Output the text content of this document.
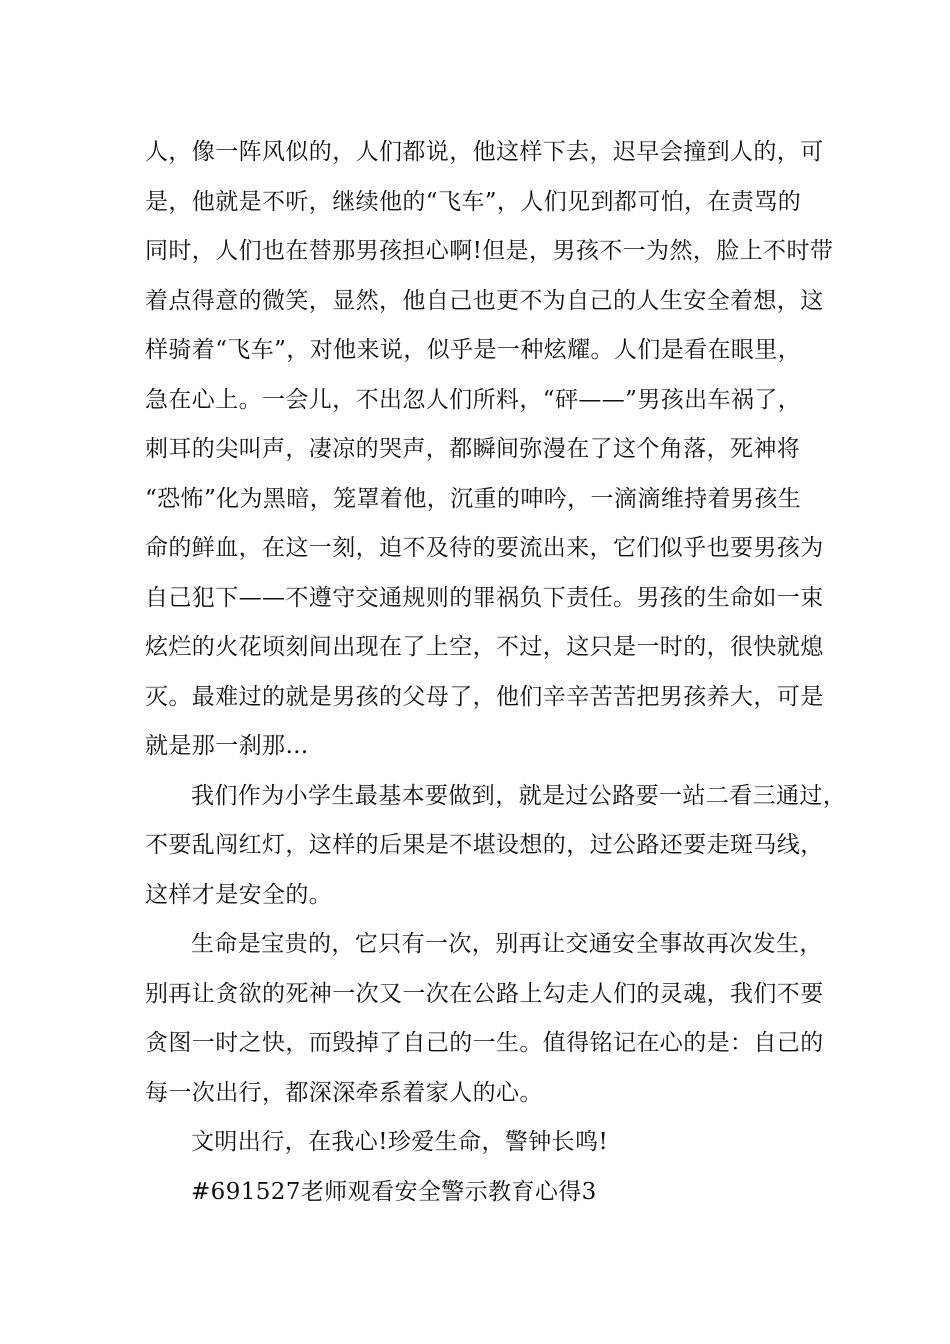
人，像一阵风似的，人们都说，他这样下去，迟早会撞到人的，可
是，他就是不听，继续他的“飞车”，人们见到都可怕，在责骂的
同时，人们也在替那男孩担心啊!但是，男孩不一为然，脸上不时带
着点得意的微笑，显然，他自己也更不为自己的人生安全着想，这
样骑着“飞车”，对他来说，似乎是一种炫耀。人们是看在眼里，
急在心上。一会儿，不出忽人们所料，“砰——”男孩出车祸了，
刺耳的尖叫声，凄凉的哭声，都瞬间弥漫在了这个角落，死神将
“恐怖”化为黑暗，笼罩着他，沉重的呻吟，一滴滴维持着男孩生
命的鲜血，在这一刻，迫不及待的要流出来，它们似乎也要男孩为
自己犯下——不遵守交通规则的罪祸负下责任。男孩的生命如一束
炫烂的火花顷刻间出现在了上空，不过，这只是一时的，很快就熄
灭。最难过的就是男孩的父母了，他们辛辛苦苦把男孩养大，可是
就是那一刹那…
我们作为小学生最基本要做到，就是过公路要一站二看三通过，
不要乱闯红灯，这样的后果是不堪设想的，过公路还要走斑马线，
这样才是安全的。
生命是宝贵的，它只有一次，别再让交通安全事故再次发生，
别再让贪欲的死神一次又一次在公路上勾走人们的灵魂，我们不要
贪图一时之快，而毁掉了自己的一生。值得铭记在心的是：自己的
每一次出行，都深深牵系着家人的心。
文明出行，在我心!珍爱生命，警钟长鸣!
#691527老师观看安全警示教育心得3
